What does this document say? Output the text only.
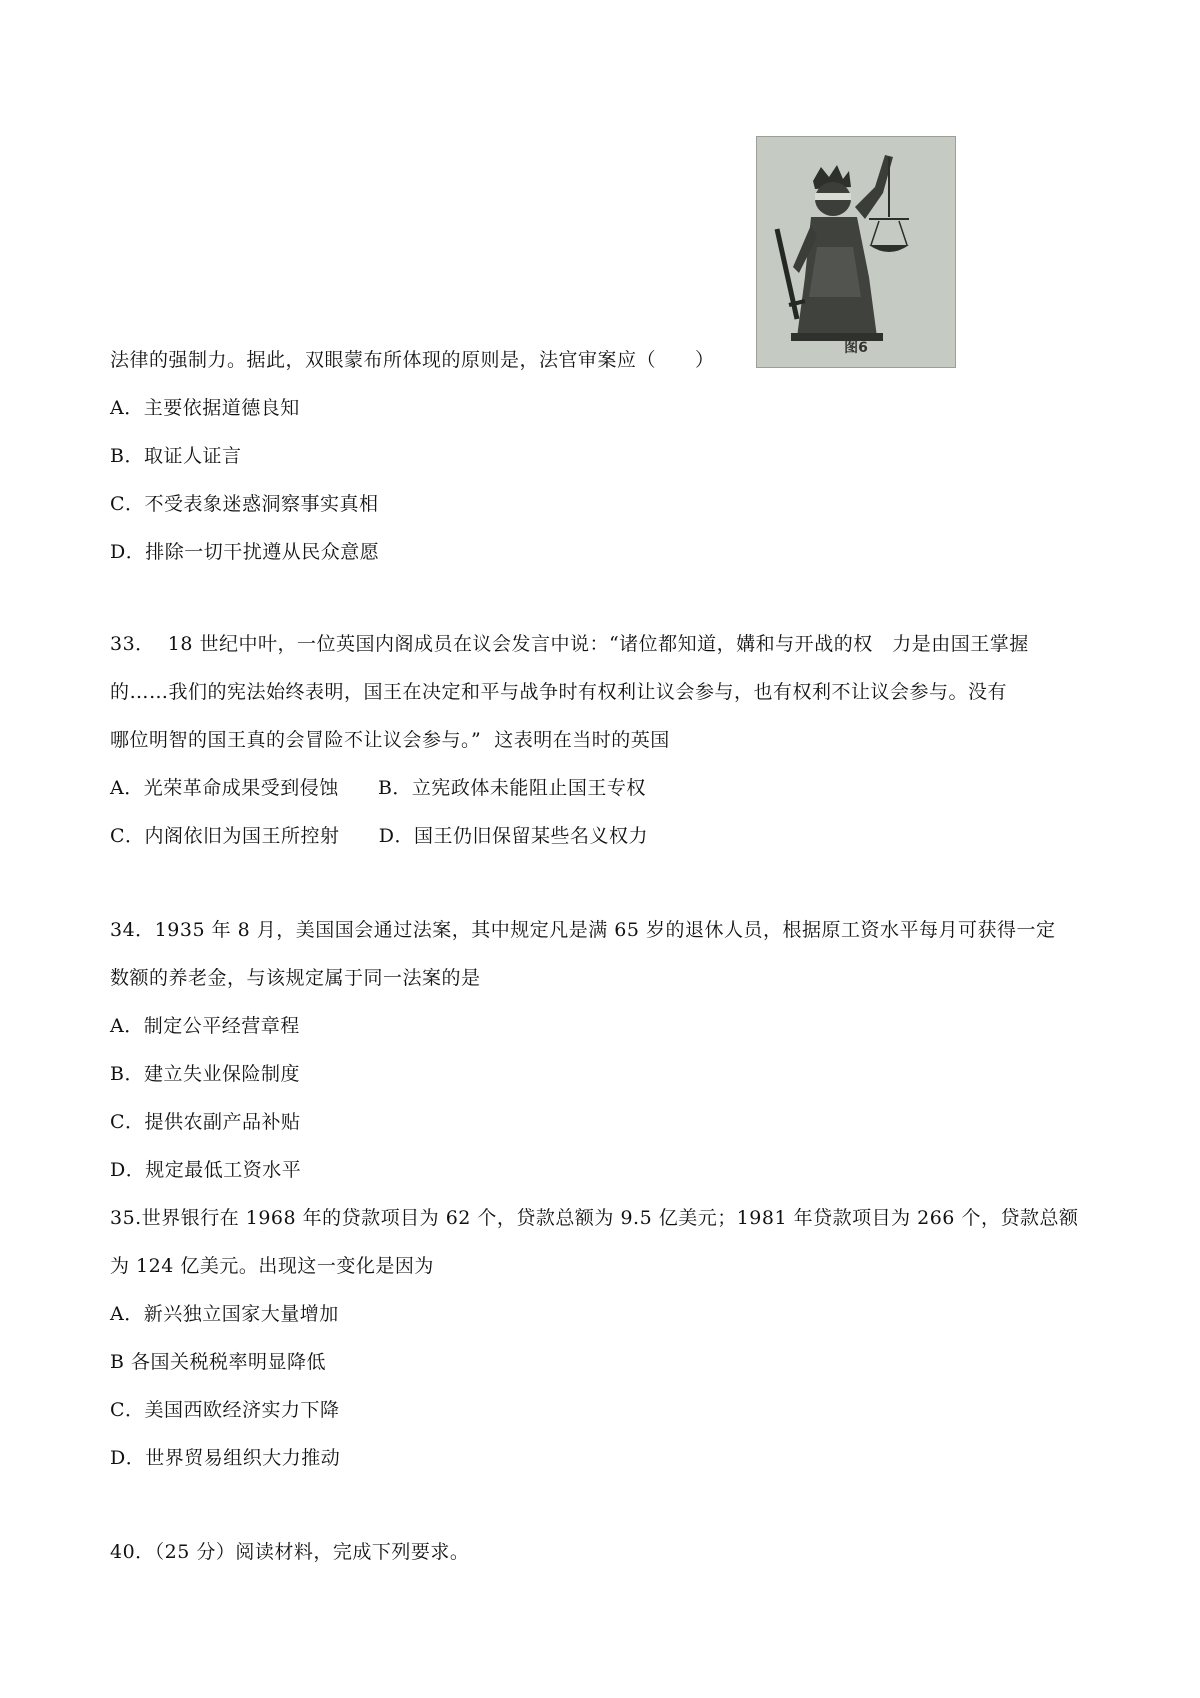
图6
法律的强制力。据此，双眼蒙布所体现的原则是，法官审案应（　　）
A．主要依据道德良知
B．取证人证言
C．不受表象迷惑洞察事实真相
D．排除一切干扰遵从民众意愿
33．  18 世纪中叶，一位英国内阁成员在议会发言中说：“诸位都知道，媾和与开战的权   力是由国王掌握
的……我们的宪法始终表明，国王在决定和平与战争时有权利让议会参与，也有权利不让议会参与。没有
哪位明智的国王真的会冒险不让议会参与。”  这表明在当时的英国
A．光荣革命成果受到侵蚀      B．立宪政体未能阻止国王专权
C．内阁依旧为国王所控射      D．国王仍旧保留某些名义权力
34．1935 年 8 月，美国国会通过法案，其中规定凡是满 65 岁的退休人员，根据原工资水平每月可获得一定
数额的养老金，与该规定属于同一法案的是
A．制定公平经营章程
B．建立失业保险制度
C．提供农副产品补贴
D．规定最低工资水平
35.世界银行在 1968 年的贷款项目为 62 个，贷款总额为 9.5 亿美元；1981 年贷款项目为 266 个，贷款总额
为 124 亿美元。出现这一变化是因为
A．新兴独立国家大量增加
B 各国关税税率明显降低
C．美国西欧经济实力下降
D．世界贸易组织大力推动
40．（25 分）阅读材料，完成下列要求。
